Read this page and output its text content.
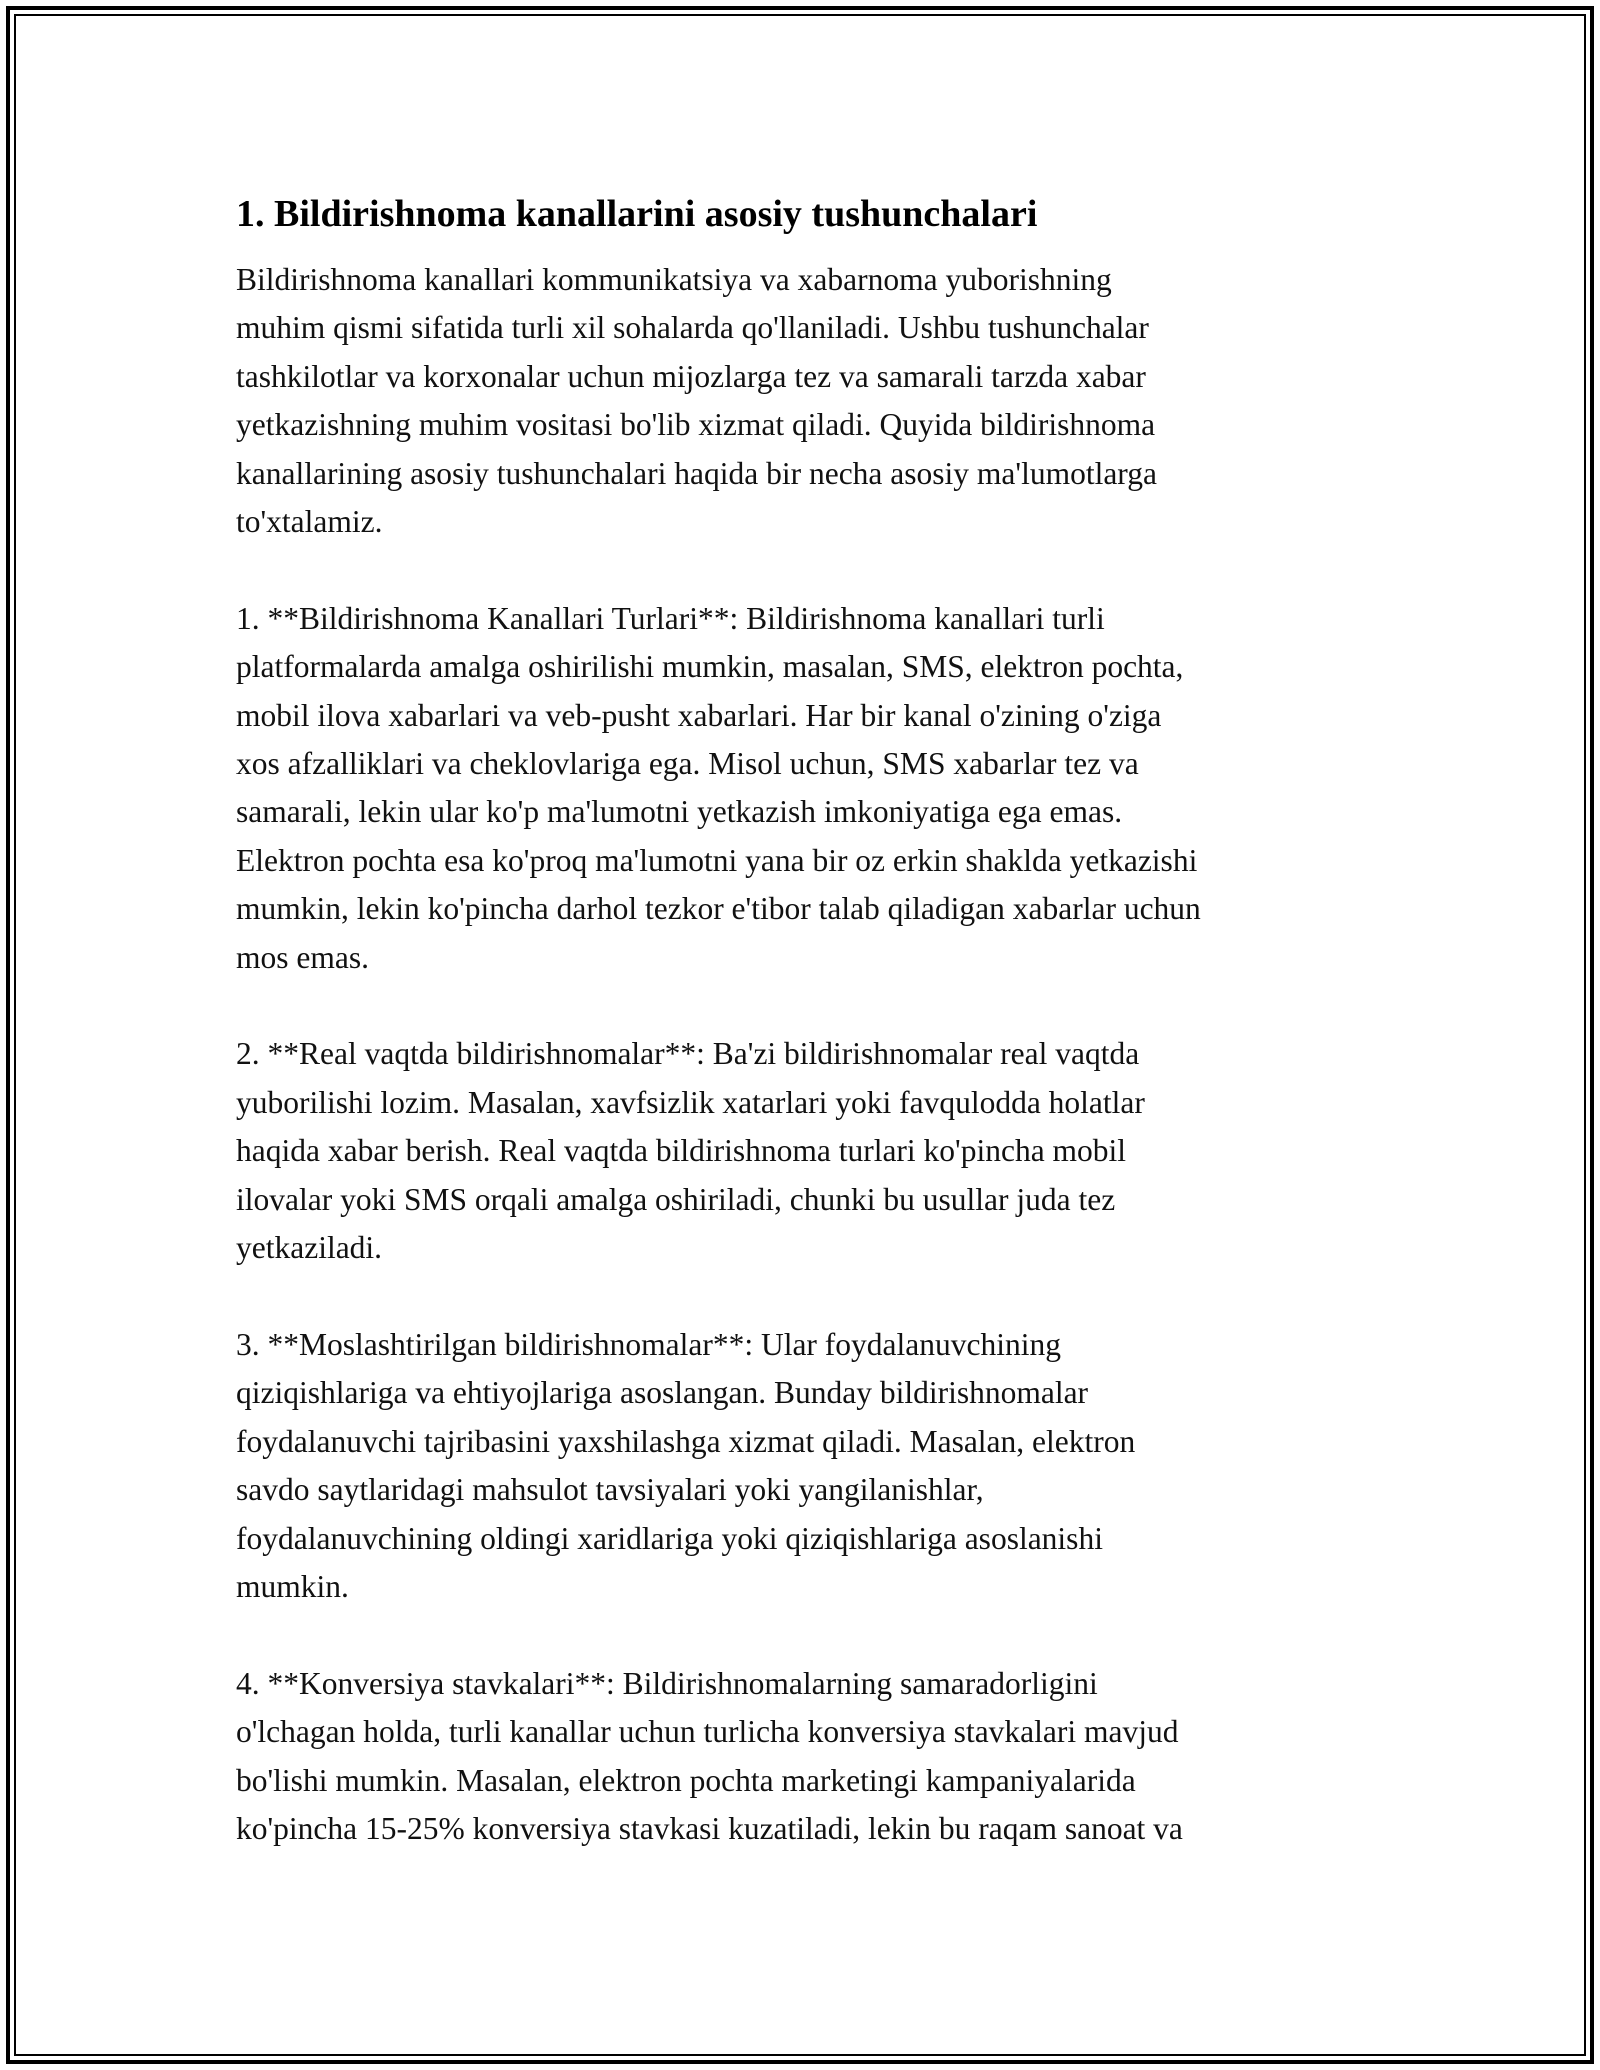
1. Bildirishnoma kanallarini asosiy tushunchalari

Bildirishnoma kanallari kommunikatsiya va xabarnoma yuborishning
muhim qismi sifatida turli xil sohalarda qo'llaniladi. Ushbu tushunchalar
tashkilotlar va korxonalar uchun mijozlarga tez va samarali tarzda xabar
yetkazishning muhim vositasi bo'lib xizmat qiladi. Quyida bildirishnoma
kanallarining asosiy tushunchalari haqida bir necha asosiy ma'lumotlarga
to'xtalamiz.

1. **Bildirishnoma Kanallari Turlari**: Bildirishnoma kanallari turli
platformalarda amalga oshirilishi mumkin, masalan, SMS, elektron pochta,
mobil ilova xabarlari va veb-pusht xabarlari. Har bir kanal o'zining o'ziga
xos afzalliklari va cheklovlariga ega. Misol uchun, SMS xabarlar tez va
samarali, lekin ular ko'p ma'lumotni yetkazish imkoniyatiga ega emas.
Elektron pochta esa ko'proq ma'lumotni yana bir oz erkin shaklda yetkazishi
mumkin, lekin ko'pincha darhol tezkor e'tibor talab qiladigan xabarlar uchun
mos emas.

2. **Real vaqtda bildirishnomalar**: Ba'zi bildirishnomalar real vaqtda
yuborilishi lozim. Masalan, xavfsizlik xatarlari yoki favqulodda holatlar
haqida xabar berish. Real vaqtda bildirishnoma turlari ko'pincha mobil
ilovalar yoki SMS orqali amalga oshiriladi, chunki bu usullar juda tez
yetkaziladi.

3. **Moslashtirilgan bildirishnomalar**: Ular foydalanuvchining
qiziqishlariga va ehtiyojlariga asoslangan. Bunday bildirishnomalar
foydalanuvchi tajribasini yaxshilashga xizmat qiladi. Masalan, elektron
savdo saytlaridagi mahsulot tavsiyalari yoki yangilanishlar,
foydalanuvchining oldingi xaridlariga yoki qiziqishlariga asoslanishi
mumkin.

4. **Konversiya stavkalari**: Bildirishnomalarning samaradorligini
o'lchagan holda, turli kanallar uchun turlicha konversiya stavkalari mavjud
bo'lishi mumkin. Masalan, elektron pochta marketingi kampaniyalarida
ko'pincha 15-25% konversiya stavkasi kuzatiladi, lekin bu raqam sanoat va
